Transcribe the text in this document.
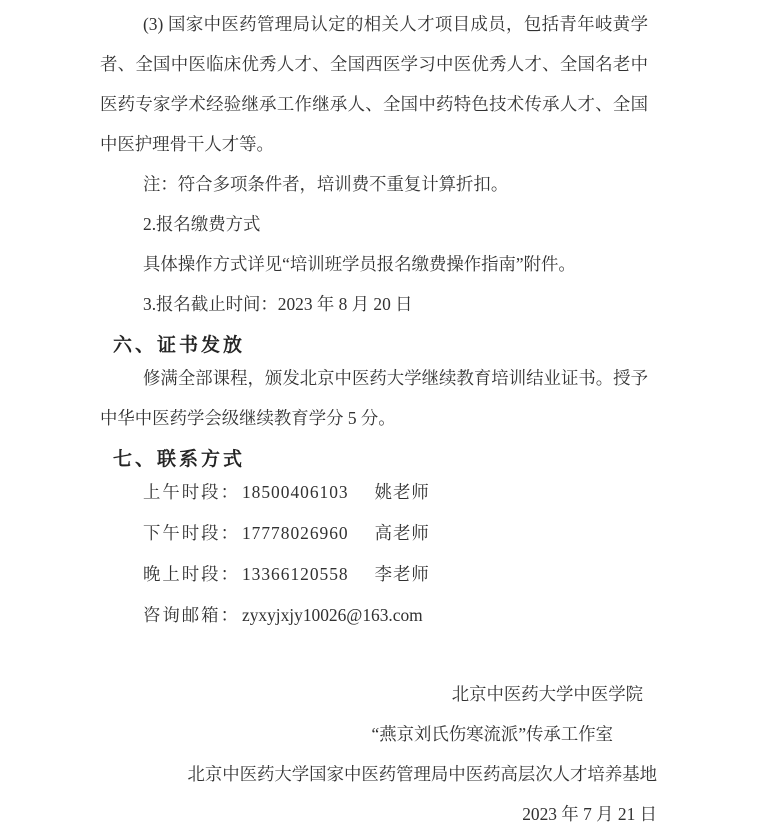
(3) 国家中医药管理局认定的相关人才项目成员，包括青年岐黄学者、全国中医临床优秀人才、全国西医学习中医优秀人才、全国名老中医药专家学术经验继承工作继承人、全国中药特色技术传承人才、全国中医护理骨干人才等。

注：符合多项条件者，培训费不重复计算折扣。

2.报名缴费方式

具体操作方式详见“培训班学员报名缴费操作指南”附件。

3.报名截止时间：2023 年 8 月 20 日

六、证书发放

修满全部课程，颁发北京中医药大学继续教育培训结业证书。授予中华中医药学会级继续教育学分 5 分。

七、联系方式

上午时段： 18500406103 姚老师

下午时段： 17778026960 高老师

晚上时段： 13366120558 李老师

咨询邮箱： zyxyjxjy10026@163.com

北京中医药大学中医学院

“燕京刘氏伤寒流派”传承工作室

北京中医药大学国家中医药管理局中医药高层次人才培养基地

2023 年 7 月 21 日
